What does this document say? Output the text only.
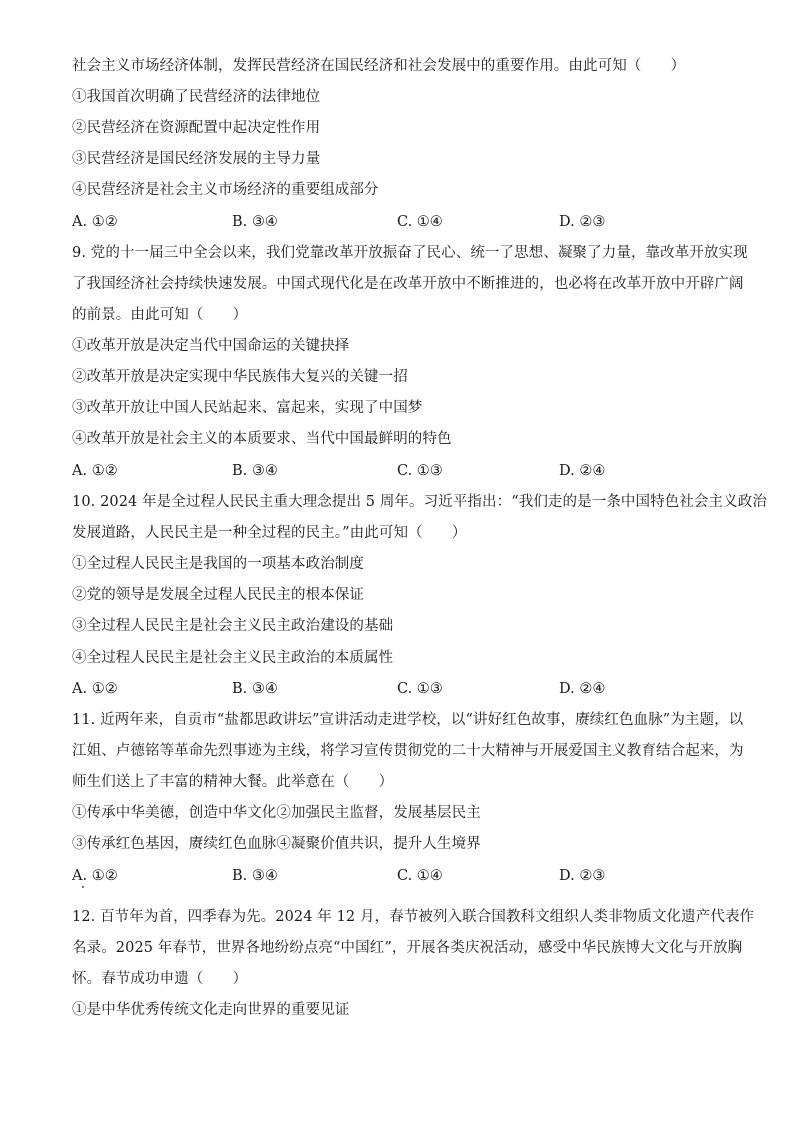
社会主义市场经济体制，发挥民营经济在国民经济和社会发展中的重要作用。由此可知（　　）
①我国首次明确了民营经济的法律地位
②民营经济在资源配置中起决定性作用
③民营经济是国民经济发展的主导力量
④民营经济是社会主义市场经济的重要组成部分
A. ①②	B. ③④	C. ①④	D. ②③
9. 党的十一届三中全会以来，我们党靠改革开放振奋了民心、统一了思想、凝聚了力量，靠改革开放实现
了我国经济社会持续快速发展。中国式现代化是在改革开放中不断推进的，也必将在改革开放中开辟广阔
的前景。由此可知（　　）
①改革开放是决定当代中国命运的关键抉择
②改革开放是决定实现中华民族伟大复兴的关键一招
③改革开放让中国人民站起来、富起来，实现了中国梦
④改革开放是社会主义的本质要求、当代中国最鲜明的特色
A. ①②	B. ③④	C. ①③	D. ②④
10. 2024 年是全过程人民民主重大理念提出 5 周年。习近平指出：“我们走的是一条中国特色社会主义政治
发展道路，人民民主是一种全过程的民主。”由此可知（　　）
①全过程人民民主是我国的一项基本政治制度
②党的领导是发展全过程人民民主的根本保证
③全过程人民民主是社会主义民主政治建设的基础
④全过程人民民主是社会主义民主政治的本质属性
A. ①②	B. ③④	C. ①③	D. ②④
11. 近两年来，自贡市“盐都思政讲坛”宣讲活动走进学校，以“讲好红色故事，赓续红色血脉”为主题，以
江姐、卢德铭等革命先烈事迹为主线，将学习宣传贯彻党的二十大精神与开展爱国主义教育结合起来，为
师生们送上了丰富的精神大餐。此举意在（　　）
①传承中华美德，创造中华文化②加强民主监督，发展基层民主
③传承红色基因，赓续红色血脉④凝聚价值共识，提升人生境界
A. ①②	B. ③④	C. ①④	D. ②③
12. 百节年为首，四季春为先。2024 年 12 月，春节被列入联合国教科文组织人类非物质文化遗产代表作
名录。2025 年春节，世界各地纷纷点亮“中国红”，开展各类庆祝活动，感受中华民族博大文化与开放胸
怀。春节成功申遗（　　）
①是中华优秀传统文化走向世界的重要见证
